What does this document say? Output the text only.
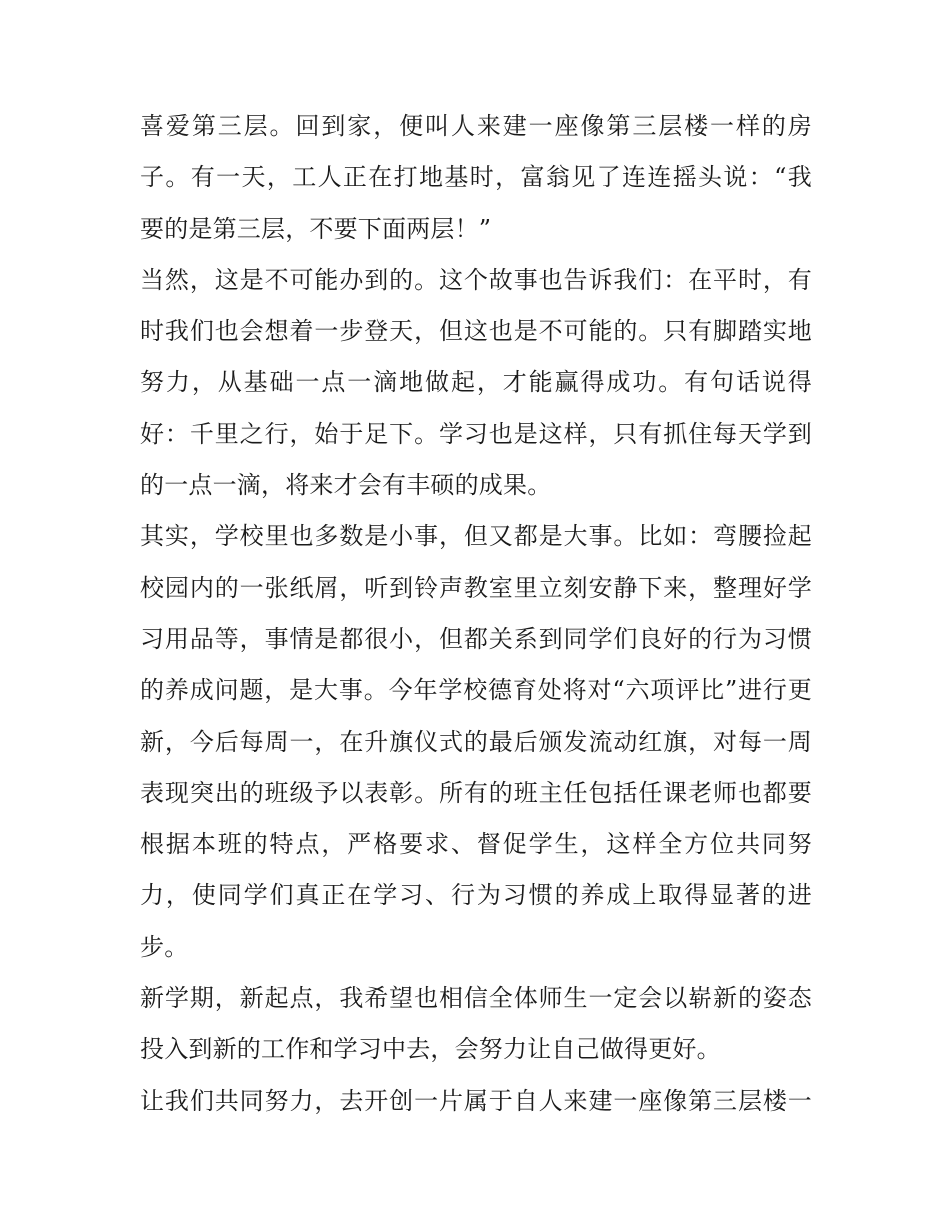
喜爱第三层。回到家，便叫人来建一座像第三层楼一样的房
子。有一天，工人正在打地基时，富翁见了连连摇头说：“我
要的是第三层，不要下面两层！”
当然，这是不可能办到的。这个故事也告诉我们：在平时，有
时我们也会想着一步登天，但这也是不可能的。只有脚踏实地
努力，从基础一点一滴地做起，才能赢得成功。有句话说得
好：千里之行，始于足下。学习也是这样，只有抓住每天学到
的一点一滴，将来才会有丰硕的成果。
其实，学校里也多数是小事，但又都是大事。比如：弯腰捡起
校园内的一张纸屑，听到铃声教室里立刻安静下来，整理好学
习用品等，事情是都很小，但都关系到同学们良好的行为习惯
的养成问题，是大事。今年学校德育处将对“六项评比”进行更
新，今后每周一，在升旗仪式的最后颁发流动红旗，对每一周
表现突出的班级予以表彰。所有的班主任包括任课老师也都要
根据本班的特点，严格要求、督促学生，这样全方位共同努
力，使同学们真正在学习、行为习惯的养成上取得显著的进
步。
新学期，新起点，我希望也相信全体师生一定会以崭新的姿态
投入到新的工作和学习中去，会努力让自己做得更好。
让我们共同努力，去开创一片属于自人来建一座像第三层楼一
